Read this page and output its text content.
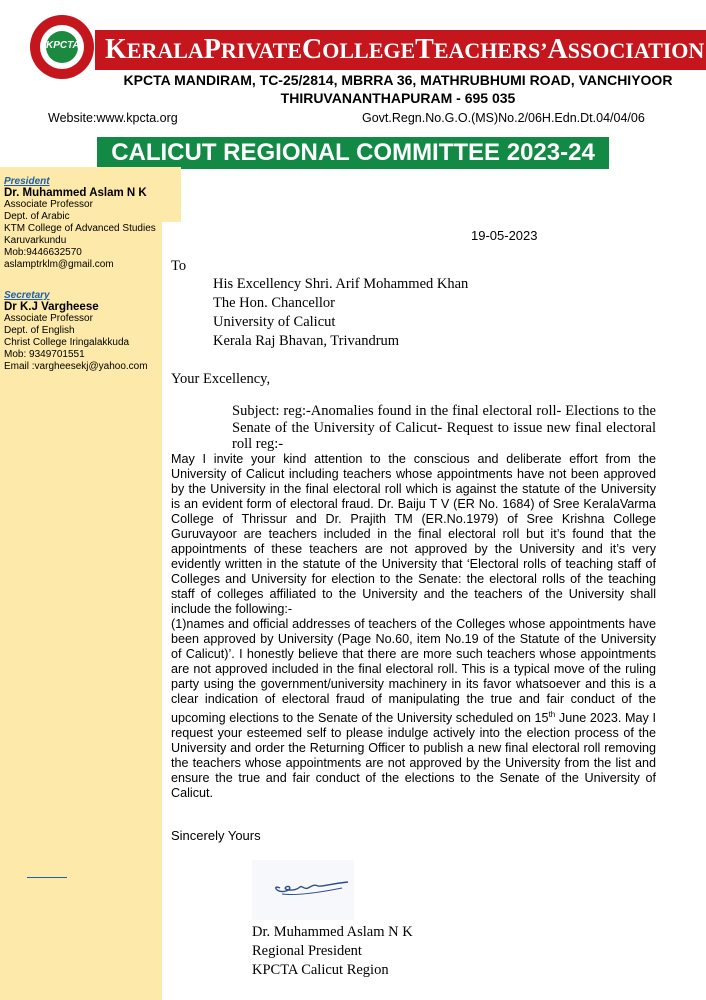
KPCTA KERALAPRIVATECOLLEGETEACHERS’ASSOCIATION
KPCTA MANDIRAM, TC-25/2814, MBRRA 36, MATHRUBHUMI ROAD, VANCHIYOOR
THIRUVANANTHAPURAM - 695 035
Website:www.kpcta.org	Govt.Regn.No.G.O.(MS)No.2/06H.Edn.Dt.04/04/06
CALICUT REGIONAL COMMITTEE 2023-24
President
Dr. Muhammed Aslam N K
Associate Professor
Dept. of Arabic
KTM College of Advanced Studies
Karuvarkundu
Mob:9446632570
aslamptrklm@gmail.com
Secretary
Dr K.J Vargheese
Associate Professor
Dept. of English
Christ College Iringalakkuda
Mob: 9349701551
Email :vargheesekj@yahoo.com
19-05-2023
To
His Excellency Shri. Arif Mohammed Khan
The Hon. Chancellor
University of Calicut
Kerala Raj Bhavan, Trivandrum
Your Excellency,
Subject: reg:-Anomalies found in the final electoral roll- Elections to the Senate of the University of Calicut- Request to issue new final electoral roll reg:-

May I invite your kind attention to the conscious and deliberate effort from the University of Calicut including teachers whose appointments have not been approved by the University in the final electoral roll which is against the statute of the University is an evident form of electoral fraud. Dr. Baiju T V (ER No. 1684) of Sree KeralaVarma College of Thrissur and Dr. Prajith TM (ER.No.1979) of Sree Krishna College Guruvayoor are teachers included in the final electoral roll but it’s found that the appointments of these teachers are not approved by the University and it’s very evidently written in the statute of the University that ‘Electoral rolls of teaching staff of Colleges and University for election to the Senate: the electoral rolls of the teaching staff of colleges affiliated to the University and the teachers of the University shall include the following:-

(1)names and official addresses of teachers of the Colleges whose appointments have been approved by University (Page No.60, item No.19 of the Statute of the University of Calicut)’. I honestly believe that there are more such teachers whose appointments are not approved included in the final electoral roll. This is a typical move of the ruling party using the government/university machinery in its favor whatsoever and this is a clear indication of electoral fraud of manipulating the true and fair conduct of the upcoming elections to the Senate of the University scheduled on 15th June 2023. May I request your esteemed self to please indulge actively into the election process of the University and order the Returning Officer to publish a new final electoral roll removing the teachers whose appointments are not approved by the University from the list and ensure the true and fair conduct of the elections to the Senate of the University of Calicut.

Sincerely Yours
Dr. Muhammed Aslam N K
Regional President
KPCTA Calicut Region
